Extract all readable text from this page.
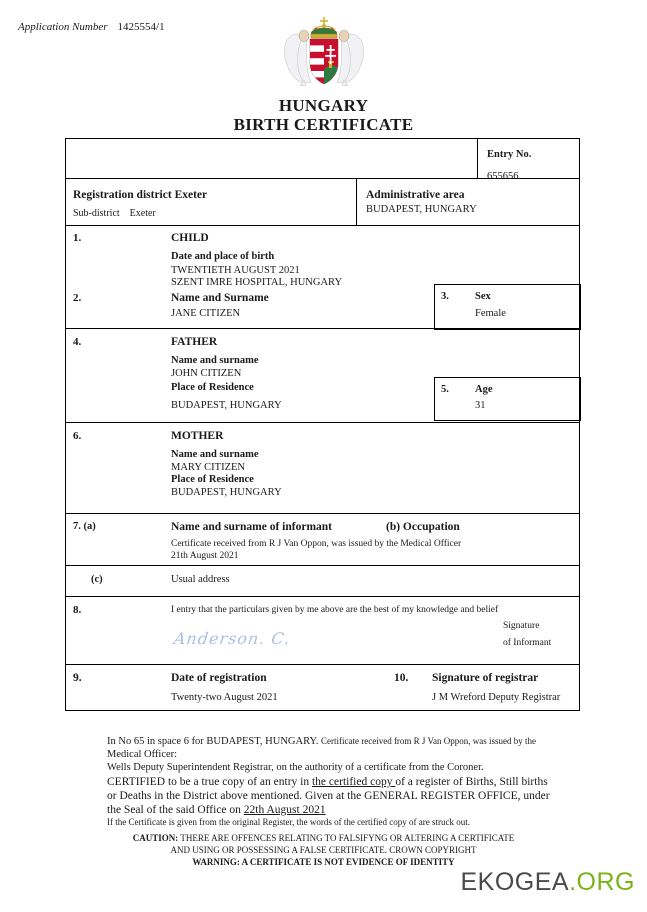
Application Number 1425554/1
HUNGARY
BIRTH CERTIFICATE
Entry No.
655656
Registration district Exeter
Sub-district Exeter
Administrative area
BUDAPEST, HUNGARY
1.	CHILD
Date and place of birth
TWENTIETH AUGUST 2021
SZENT IMRE HOSPITAL, HUNGARY
2.	Name and Surname
JANE CITIZEN
3. Sex
Female
4.	FATHER
Name and surname
JOHN CITIZEN
Place of Residence
BUDAPEST, HUNGARY
5. Age
31
6.	MOTHER
Name and surname
MARY CITIZEN
Place of Residence
BUDAPEST, HUNGARY
7. (a)	Name and surname of informant	(b) Occupation
Certificate received from R J Van Oppon, was issued by the Medical Officer
21th August 2021
(c)	Usual address
8.	I entry that the particulars given by me above are the best of my knowledge and belief
Anderson. C.
Signature
of Informant
9.	Date of registration
Twenty-two August 2021
10. Signature of registrar
J M Wreford Deputy Registrar
In No 65 in space 6 for BUDAPEST, HUNGARY. Certificate received from R J Van Oppon, was issued by the
Medical Officer:
Wells Deputy Superintendent Registrar, on the authority of a certificate from the Coroner.
CERTIFIED to be a true copy of an entry in the certified copy of a register of Births, Still births
or Deaths in the District above mentioned. Given at the GENERAL REGISTER OFFICE, under
the Seal of the said Office on 22th August 2021
If the Certificate is given from the original Register, the words of the certified copy of are struck out.
CAUTION: THERE ARE OFFENCES RELATING TO FALSIFYNG OR ALTERING A CERTIFICATE
AND USING OR POSSESSING A FALSE CERTIFICATE. CROWN COPYRIGHT
WARNING: A CERTIFICATE IS NOT EVIDENCE OF IDENTITY
EKOGEA.ORG
